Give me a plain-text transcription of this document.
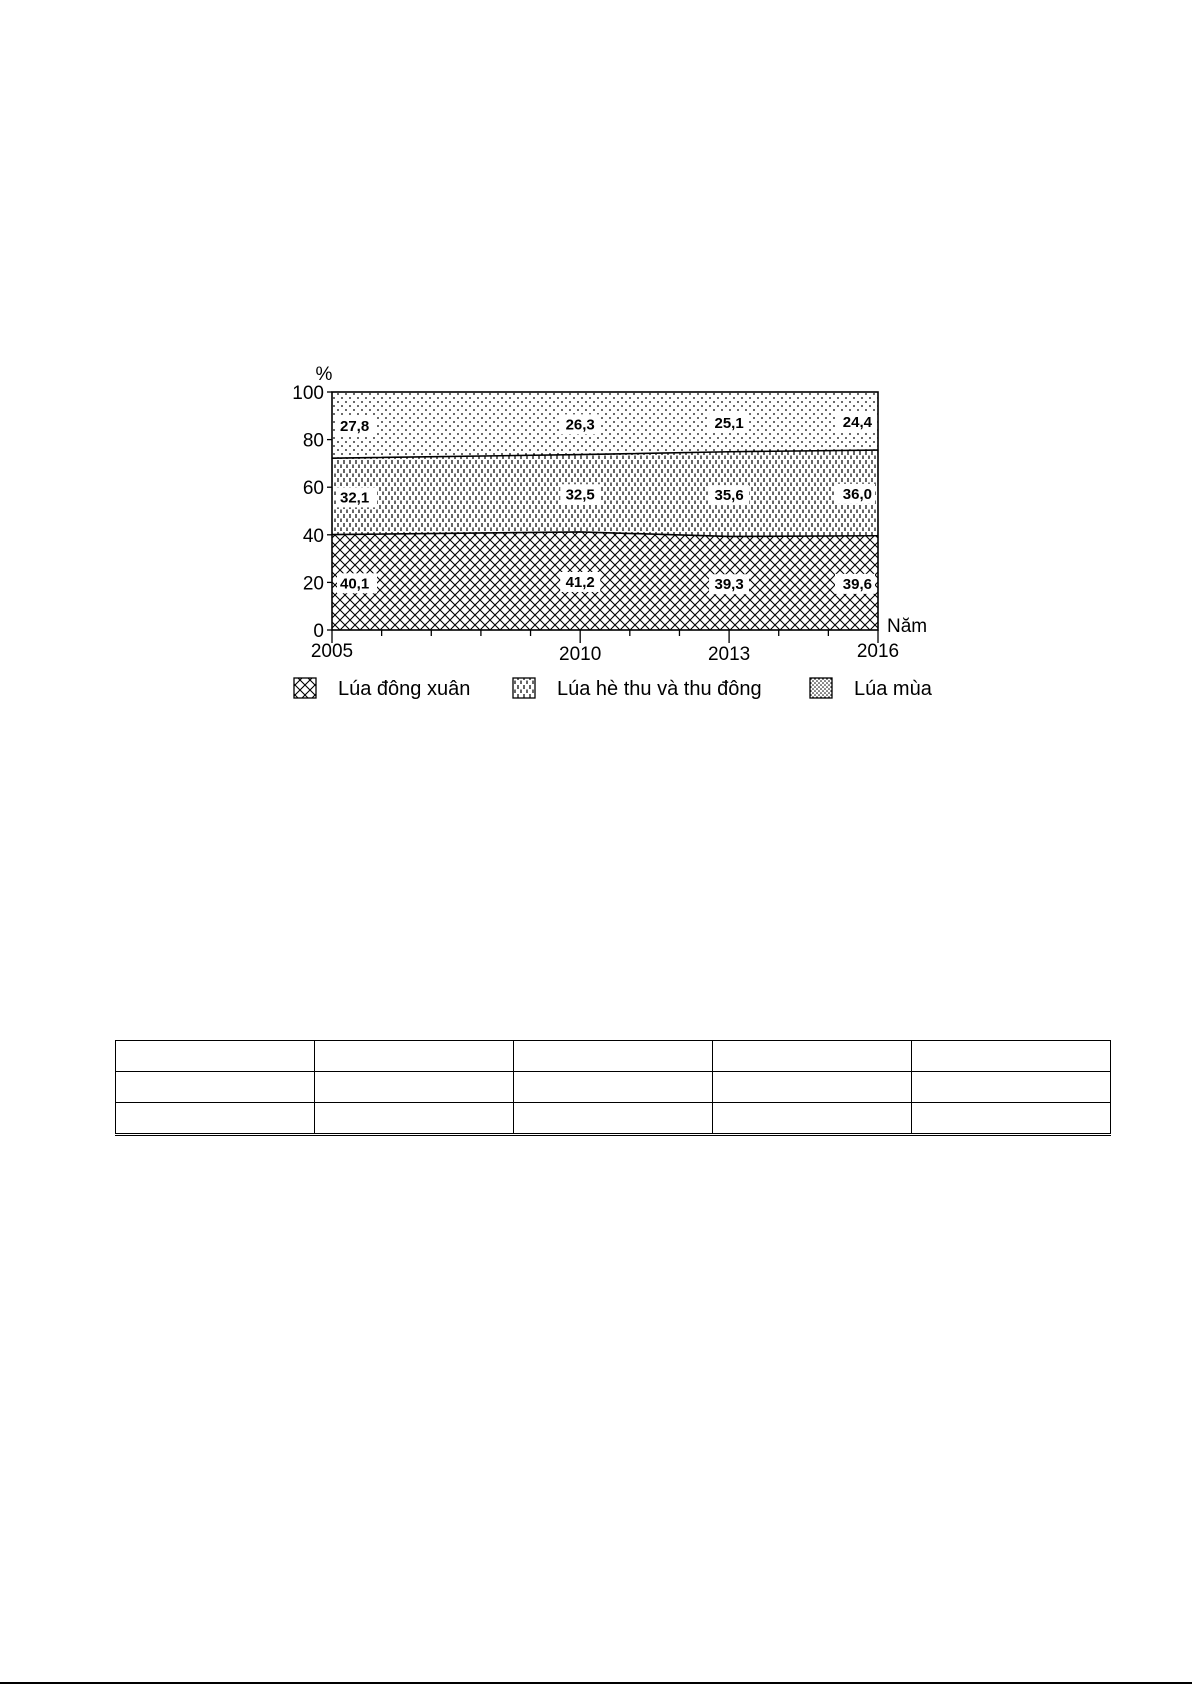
0
20
40
60
80
100
%
2005	2010	2013	2016
Năm
40,1	41,2	39,3	39,6
32,1	32,5	35,6	36,0
27,8	26,3	25,1	24,4
Lúa đông xuân	Lúa hè thu và thu đông	Lúa mùa
